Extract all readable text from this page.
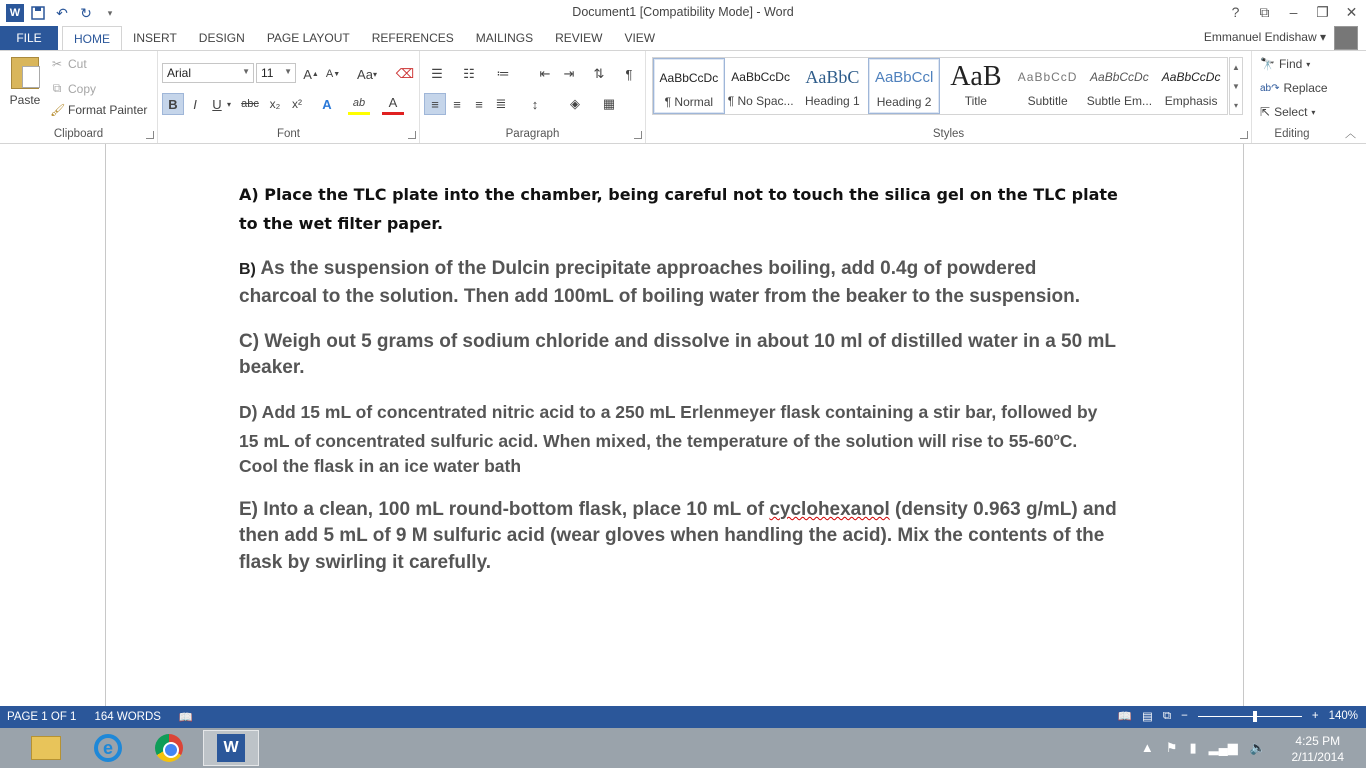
W	↶ ↻	▾	Document1 [Compatibility Mode] - Word	?	⧉	–	❐	✕
FILE	HOME	INSERT	DESIGN	PAGE LAYOUT	REFERENCES	MAILINGS	REVIEW	VIEW	Emmanuel Endishaw ▾
Paste
✂ Cut
⧉ Copy
🖌 Format Painter
Clipboard
Arial	▼ 11 ▼ A ▲ A ▼ Aa ▾ ⌫
B	I	U ▾ abc x₂ x²	A	ab	A
Font
☰	☷	≔	⇤	⇥	⇅	¶
≡	≡	≡ ≣	↕	◈	▦
Paragraph	Styles
AaBbCcDc
¶ Normal
AaBbCcDc
¶ No Spac...
AaBbC
Heading 1
AaBbCcl
Heading 2
AaB
Title
AaBbCcD
Subtitle
AaBbCcDc
Subtle Em...
AaBbCcDc
Emphasis
▲
▼
▾
Editing
🔭 Find ▾
ab↷ Replace
⇱ Select ▾
︿

A) Place the TLC plate into the chamber, being careful not to touch the silica gel on the TLC plate to the wet filter paper.

B) As the suspension of the Dulcin precipitate approaches boiling, add 0.4g of powdered charcoal to the solution. Then add 100mL of boiling water from the beaker to the suspension.

C) Weigh out 5 grams of sodium chloride and dissolve in about 10 ml of distilled water in a 50 mL beaker.

D) Add 15 mL of concentrated nitric acid to a 250 mL Erlenmeyer flask containing a stir bar, followed by 15 mL of concentrated sulfuric acid. When mixed, the temperature of the solution will rise to 55-60$^o$C. Cool the flask in an ice water bath

E) Into a clean, 100 mL round-bottom flask, place 10 mL of cyclohexanol (density 0.963 g/mL) and then add 5 mL of 9 M sulfuric acid (wear gloves when handling the acid). Mix the contents of the flask by swirling it carefully.

PAGE 1 OF 1 164 WORDS 📖	📖 ▤ ⧉ −	+ 140%
e	W	▲ ⚑ ▮ ▂▄▆ 🔈	4:25 PM
2/11/2014
